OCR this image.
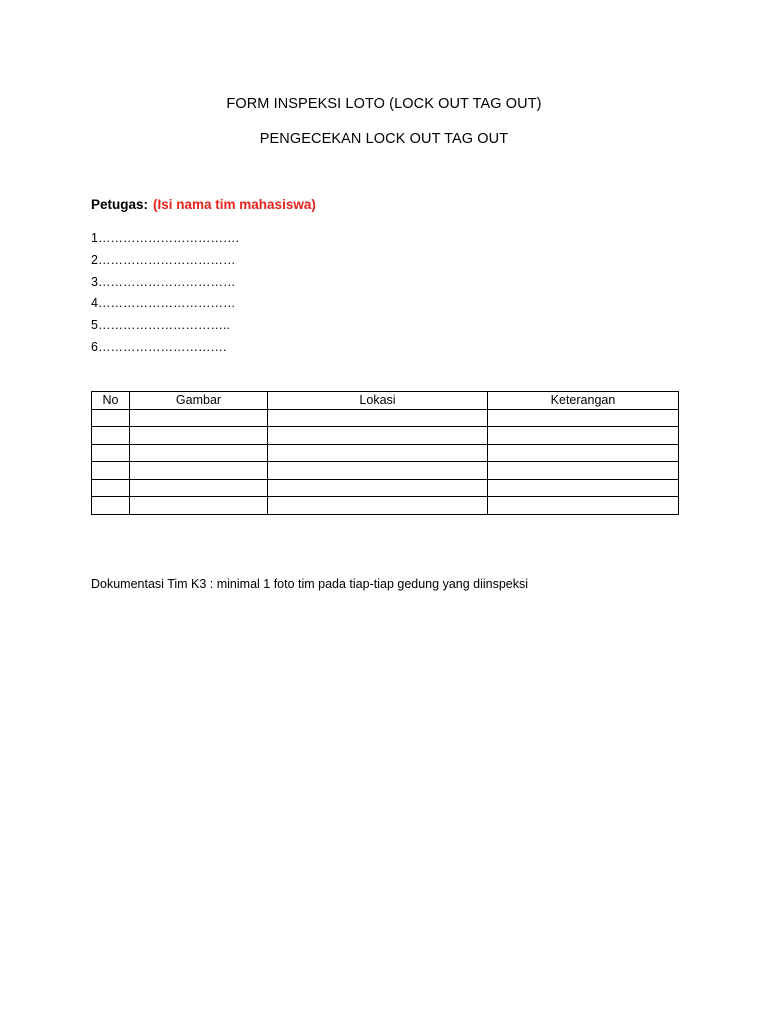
FORM INSPEKSI LOTO (LOCK OUT TAG OUT)
PENGECEKAN LOCK OUT TAG OUT
Petugas: (Isi nama tim mahasiswa)
1…………………………….
2……………………………
3……………………………
4……………………………
5…………………………..
6………………………….
No	Gambar	Lokasi	Keterangan

Dokumentasi Tim K3 : minimal 1 foto tim pada tiap-tiap gedung yang diinspeksi
